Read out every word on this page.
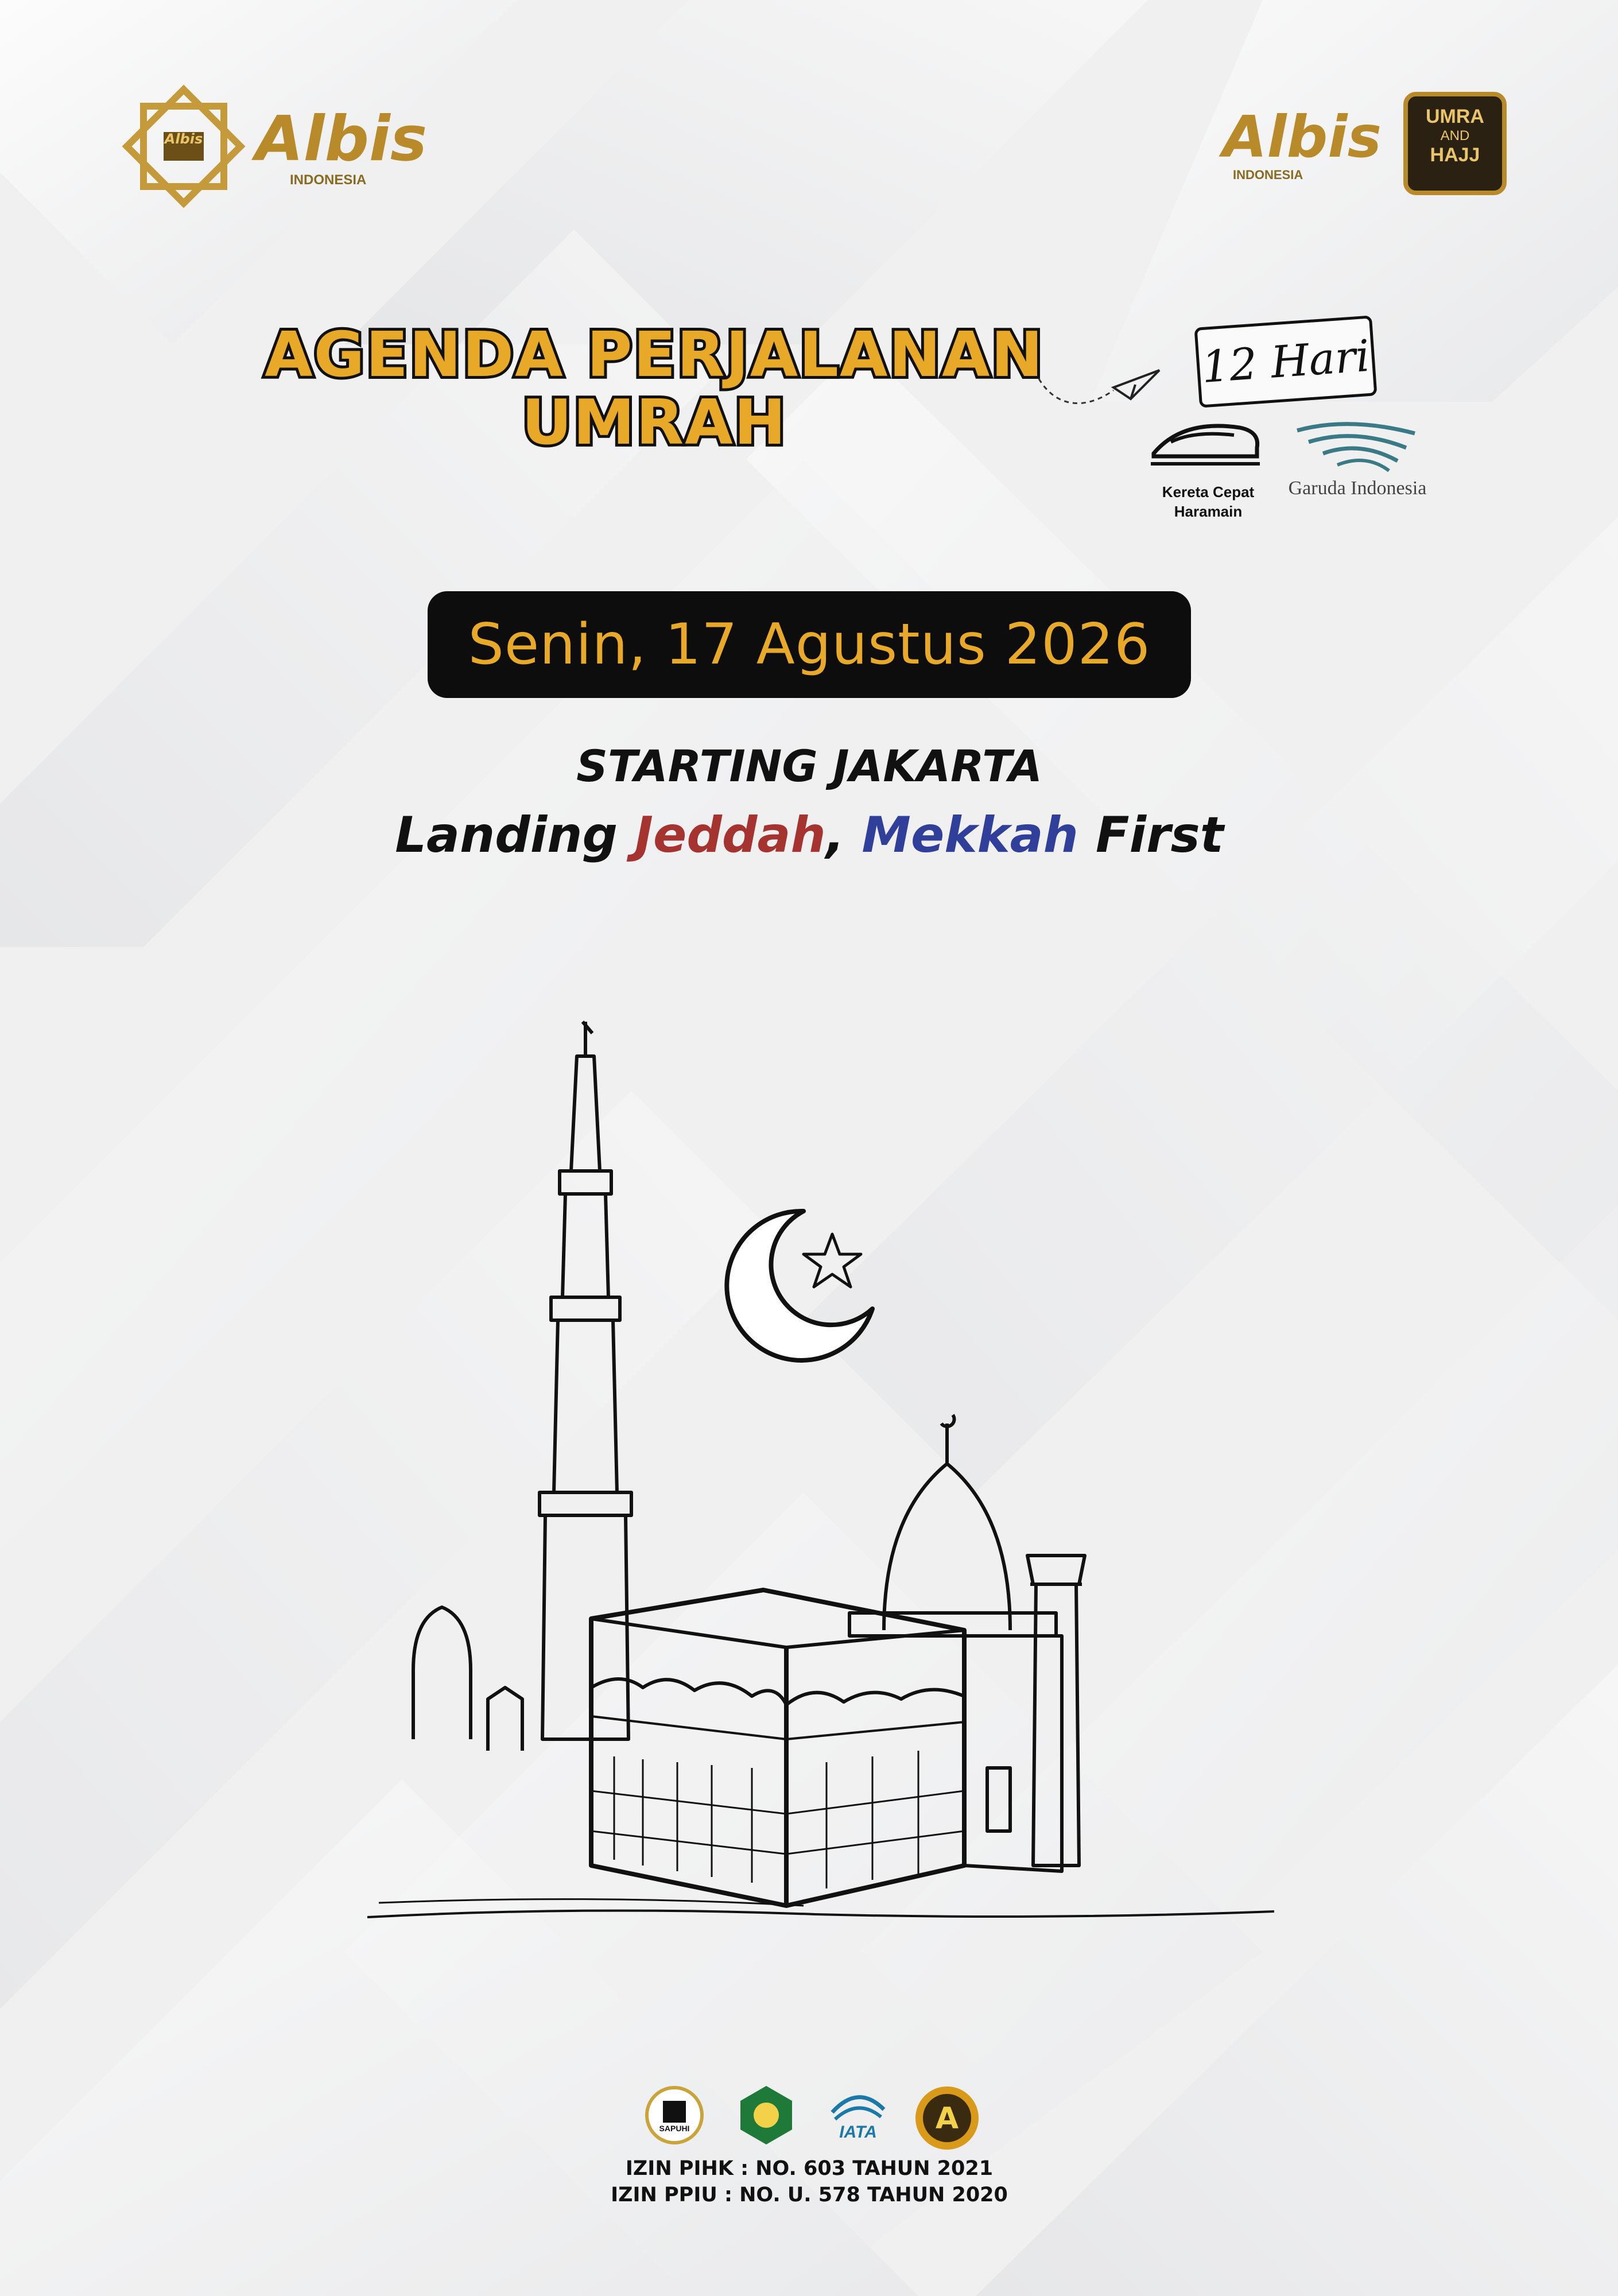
Albis Albis
INDONESIA
Albis
INDONESIA
UMRA
AND
HAJJ
AGENDA PERJALANAN
UMRAH
12 Hari
Kereta Cepat
Haramain
Garuda Indonesia
Senin, 17 Agustus 2026
STARTING JAKARTA
Landing Jeddah, Mekkah First
SAPUHI	IATA	A
IZIN PIHK : NO. 603 TAHUN 2021
IZIN PPIU : NO. U. 578 TAHUN 2020
